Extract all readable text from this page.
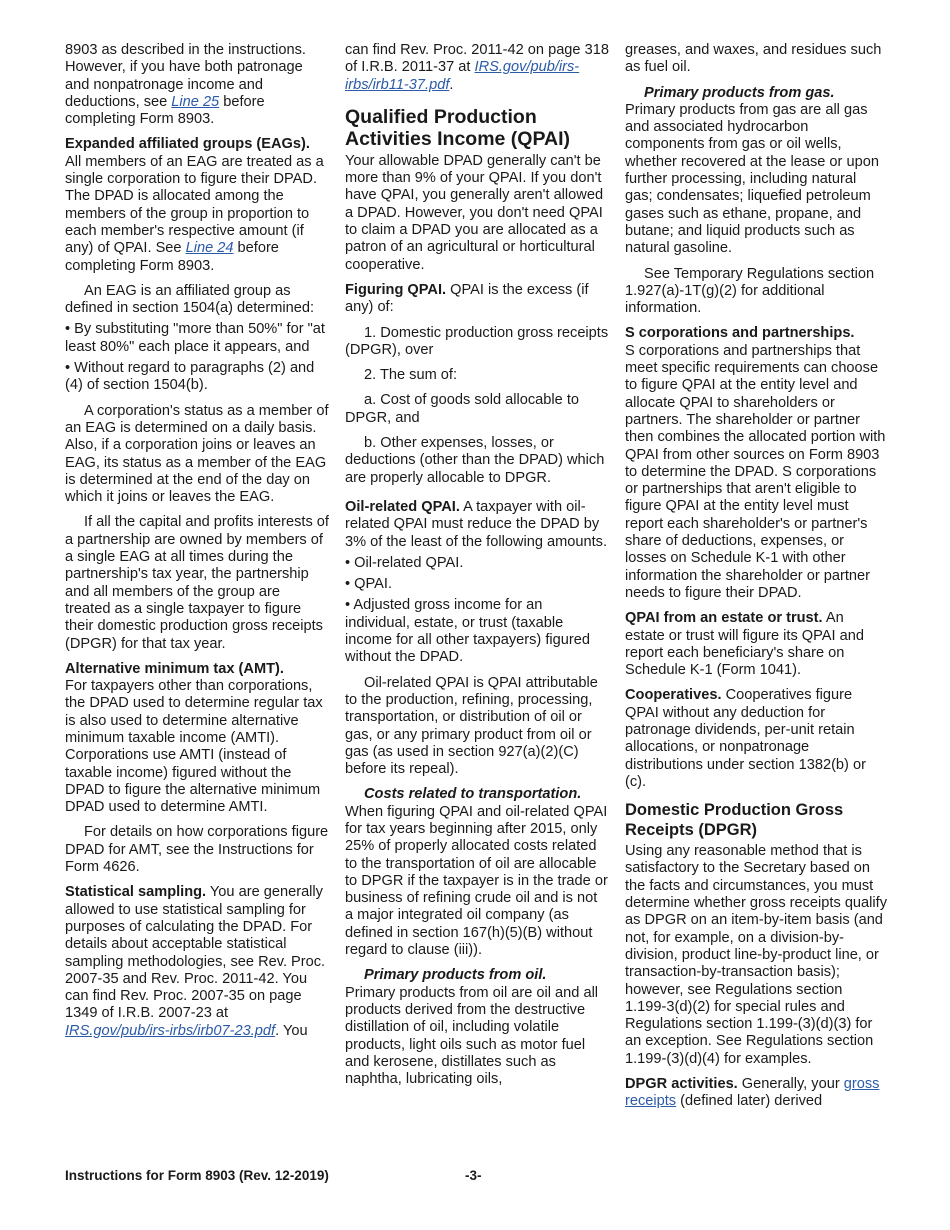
8903 as described in the instructions. However, if you have both patronage and nonpatronage income and deductions, see Line 25 before completing Form 8903.

Expanded affiliated groups (EAGs). All members of an EAG are treated as a single corporation to figure their DPAD. The DPAD is allocated among the members of the group in proportion to each member's respective amount (if any) of QPAI. See Line 24 before completing Form 8903.

An EAG is an affiliated group as defined in section 1504(a) determined:

• By substituting "more than 50%" for "at least 80%" each place it appears, and

• Without regard to paragraphs (2) and (4) of section 1504(b).

A corporation's status as a member of an EAG is determined on a daily basis. Also, if a corporation joins or leaves an EAG, its status as a member of the EAG is determined at the end of the day on which it joins or leaves the EAG.

If all the capital and profits interests of a partnership are owned by members of a single EAG at all times during the partnership's tax year, the partnership and all members of the group are treated as a single taxpayer to figure their domestic production gross receipts (DPGR) for that tax year.

Alternative minimum tax (AMT).
For taxpayers other than corporations, the DPAD used to determine regular tax is also used to determine alternative minimum taxable income (AMTI). Corporations use AMTI (instead of taxable income) figured without the DPAD to figure the alternative minimum DPAD used to determine AMTI.

For details on how corporations figure DPAD for AMT, see the Instructions for Form 4626.

Statistical sampling. You are generally allowed to use statistical sampling for purposes of calculating the DPAD. For details about acceptable statistical sampling methodologies, see Rev. Proc. 2007-35 and Rev. Proc. 2011-42. You can find Rev. Proc. 2007-35 on page 1349 of I.R.B. 2007-23 at IRS.gov/pub/irs-irbs/irb07-23.pdf. You

can find Rev. Proc. 2011-42 on page 318 of I.R.B. 2011-37 at IRS.gov/pub/irs-irbs/irb11-37.pdf.

Qualified Production Activities Income (QPAI)

Your allowable DPAD generally can't be more than 9% of your QPAI. If you don't have QPAI, you generally aren't allowed a DPAD. However, you don't need QPAI to claim a DPAD you are allocated as a patron of an agricultural or horticultural cooperative.

Figuring QPAI. QPAI is the excess (if any) of:

1. Domestic production gross receipts (DPGR), over

2. The sum of:

a. Cost of goods sold allocable to DPGR, and

b. Other expenses, losses, or deductions (other than the DPAD) which are properly allocable to DPGR.

Oil-related QPAI. A taxpayer with oil-related QPAI must reduce the DPAD by 3% of the least of the following amounts.

• Oil-related QPAI.

• QPAI.

• Adjusted gross income for an individual, estate, or trust (taxable income for all other taxpayers) figured without the DPAD.

Oil-related QPAI is QPAI attributable to the production, refining, processing, transportation, or distribution of oil or gas, or any primary product from oil or gas (as used in section 927(a)(2)(C) before its repeal).

Costs related to transportation.
When figuring QPAI and oil-related QPAI for tax years beginning after 2015, only 25% of properly allocated costs related to the transportation of oil are allocable to DPGR if the taxpayer is in the trade or business of refining crude oil and is not a major integrated oil company (as defined in section 167(h)(5)(B) without regard to clause (iii)).

Primary products from oil.
Primary products from oil are oil and all products derived from the destructive distillation of oil, including volatile products, light oils such as motor fuel and kerosene, distillates such as naphtha, lubricating oils,

greases, and waxes, and residues such as fuel oil.

Primary products from gas.
Primary products from gas are all gas and associated hydrocarbon components from gas or oil wells, whether recovered at the lease or upon further processing, including natural gas; condensates; liquefied petroleum gases such as ethane, propane, and butane; and liquid products such as natural gasoline.

See Temporary Regulations section 1.927(a)-1T(g)(2) for additional information.

S corporations and partnerships.
S corporations and partnerships that meet specific requirements can choose to figure QPAI at the entity level and allocate QPAI to shareholders or partners. The shareholder or partner then combines the allocated portion with QPAI from other sources on Form 8903 to determine the DPAD. S corporations or partnerships that aren't eligible to figure QPAI at the entity level must report each shareholder's or partner's share of deductions, expenses, or losses on Schedule K-1 with other information the shareholder or partner needs to figure their DPAD.

QPAI from an estate or trust. An estate or trust will figure its QPAI and report each beneficiary's share on Schedule K-1 (Form 1041).

Cooperatives. Cooperatives figure QPAI without any deduction for patronage dividends, per-unit retain allocations, or nonpatronage distributions under section 1382(b) or (c).

Domestic Production Gross Receipts (DPGR)

Using any reasonable method that is satisfactory to the Secretary based on the facts and circumstances, you must determine whether gross receipts qualify as DPGR on an item-by-item basis (and not, for example, on a division-by-division, product line-by-product line, or transaction-by-transaction basis); however, see Regulations section 1.199-3(d)(2) for special rules and Regulations section 1.199-(3)(d)(3) for an exception. See Regulations section 1.199-(3)(d)(4) for examples.

DPGR activities. Generally, your gross receipts (defined later) derived

Instructions for Form 8903 (Rev. 12-2019)	-3-
